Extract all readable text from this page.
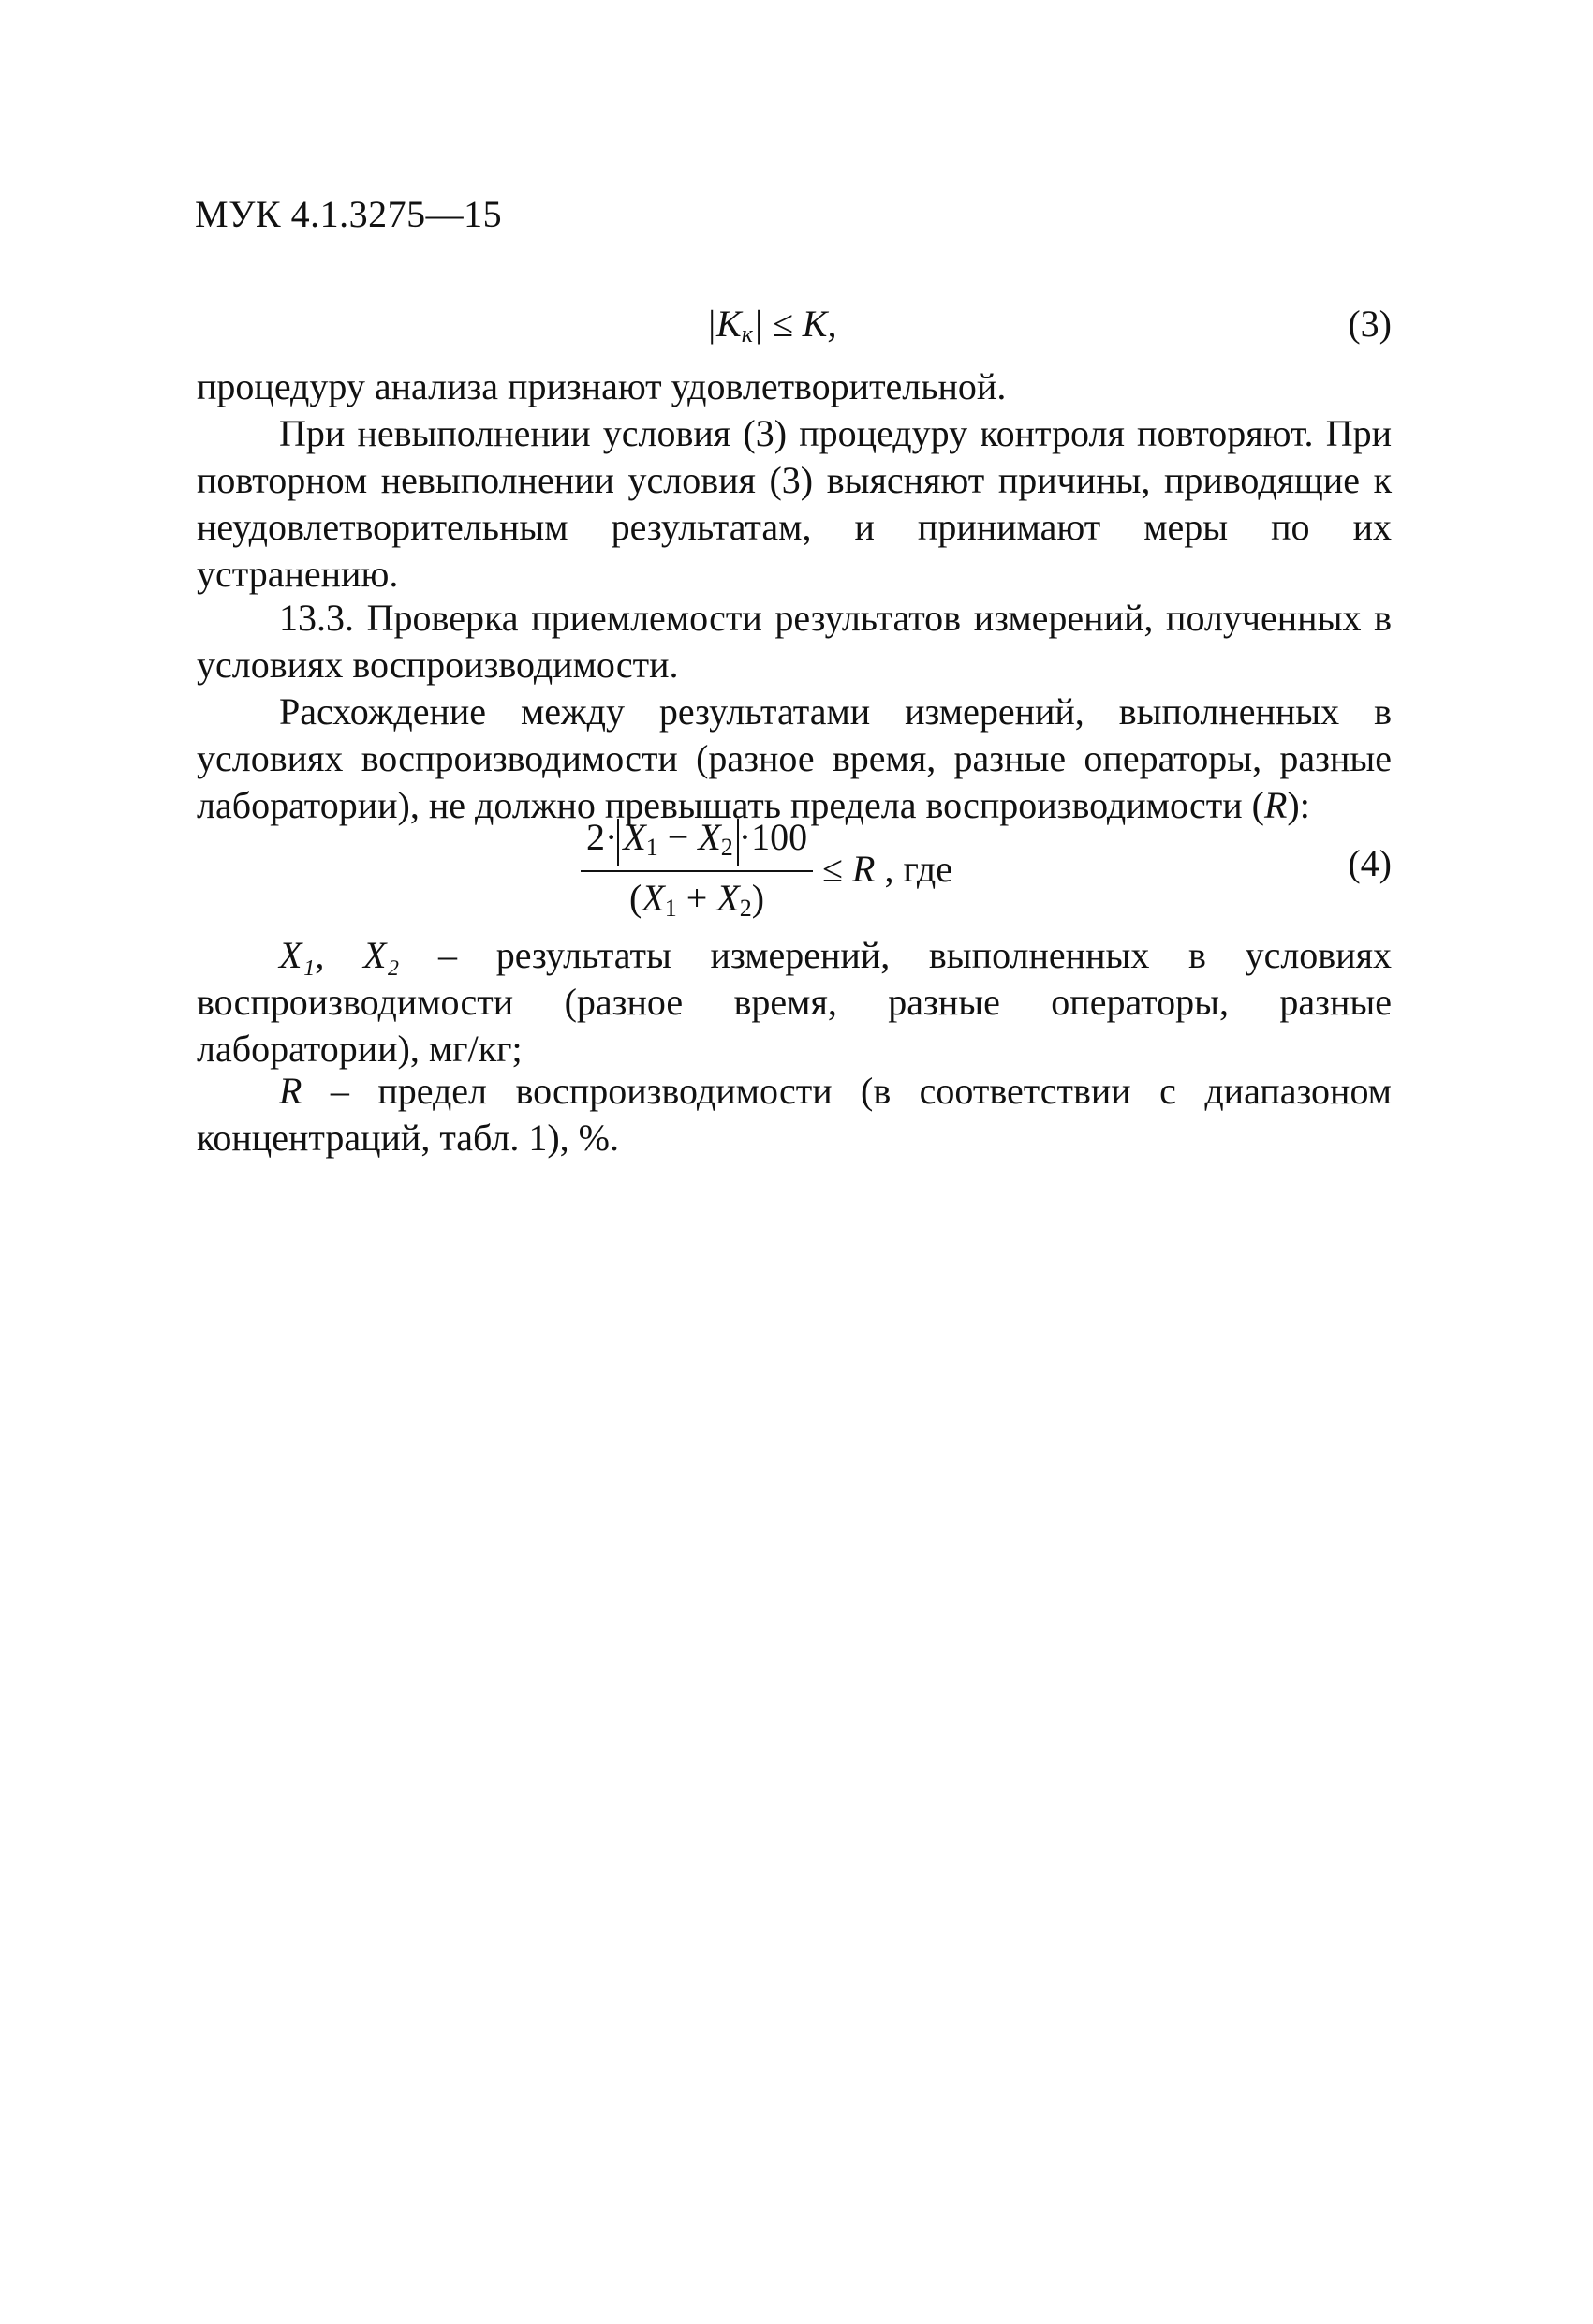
МУК 4.1.3275—15
$|K_к| \le K$,	(3)
процедуру анализа признают удовлетворительной.
При невыполнении условия (3) процедуру контроля повторяют. При повторном невыполнении условия (3) выясняют причины, приводящие к неудовлетворительным результатам, и принимают меры по их устранению.
13.3. Проверка приемлемости результатов измерений, полученных в условиях воспроизводимости.
Расхождение между результатами измерений, выполненных в условиях воспроизводимости (разное время, разные операторы, разные лаборатории), не должно превышать предела воспроизводимости (R):
$\frac{2\cdot X_1 - X_2 \cdot 100}{(X_1 + X_2)} \le R$ , где	(4)
X₁, X₂ – результаты измерений, выполненных в условиях воспроизводимости (разное время, разные операторы, разные лаборатории), мг/кг;
R – предел воспроизводимости (в соответствии с диапазоном концентраций, табл. 1), %.
